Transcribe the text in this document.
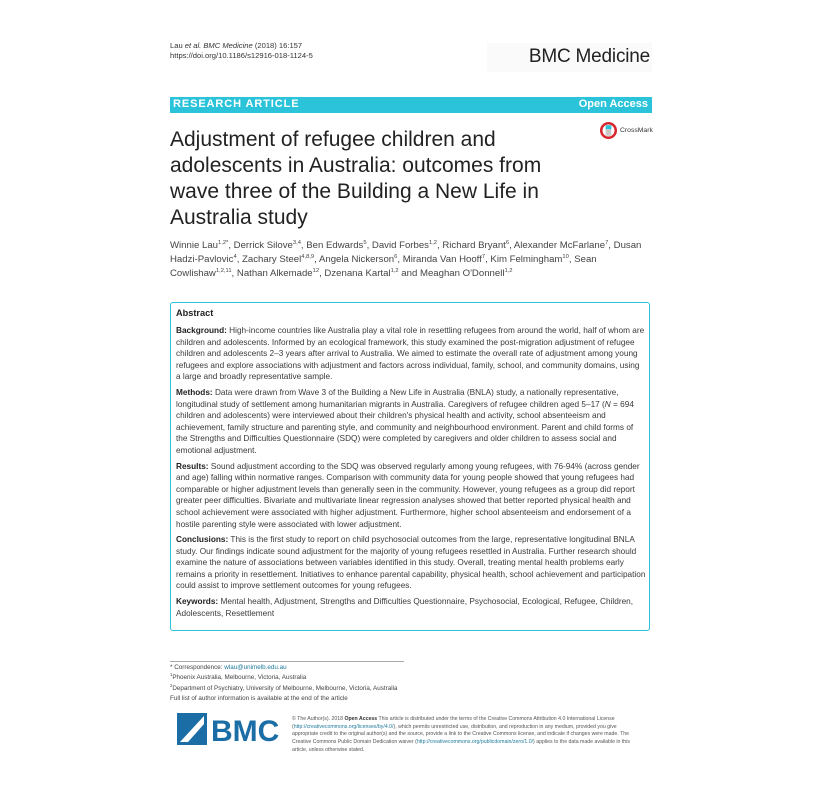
Lau et al. BMC Medicine (2018) 16:157
https://doi.org/10.1186/s12916-018-1124-5	BMC Medicine
RESEARCH ARTICLE	Open Access
Adjustment of refugee children and adolescents in Australia: outcomes from wave three of the Building a New Life in Australia study
CrossMark
Winnie Lau$^{1,2*}$, Derrick Silove$^{3,4}$, Ben Edwards$^5$, David Forbes$^{1,2}$, Richard Bryant$^6$, Alexander McFarlane$^7$, Dusan Hadzi-Pavlovic$^4$, Zachary Steel$^{4,8,9}$, Angela Nickerson$^6$, Miranda Van Hooff$^7$, Kim Felmingham$^{10}$, Sean Cowlishaw$^{1,2,11}$, Nathan Alkemade$^{12}$, Dzenana Kartal$^{1,2}$ and Meaghan O'Donnell$^{1,2}$
Abstract

Background: High-income countries like Australia play a vital role in resettling refugees from around the world, half of whom are children and adolescents. Informed by an ecological framework, this study examined the post-migration adjustment of refugee children and adolescents 2–3 years after arrival to Australia. We aimed to estimate the overall rate of adjustment among young refugees and explore associations with adjustment and factors across individual, family, school, and community domains, using a large and broadly representative sample.

Methods: Data were drawn from Wave 3 of the Building a New Life in Australia (BNLA) study, a nationally representative, longitudinal study of settlement among humanitarian migrants in Australia. Caregivers of refugee children aged 5–17 (N = 694 children and adolescents) were interviewed about their children's physical health and activity, school absenteeism and achievement, family structure and parenting style, and community and neighbourhood environment. Parent and child forms of the Strengths and Difficulties Questionnaire (SDQ) were completed by caregivers and older children to assess social and emotional adjustment.

Results: Sound adjustment according to the SDQ was observed regularly among young refugees, with 76-94% (across gender and age) falling within normative ranges. Comparison with community data for young people showed that young refugees had comparable or higher adjustment levels than generally seen in the community. However, young refugees as a group did report greater peer difficulties. Bivariate and multivariate linear regression analyses showed that better reported physical health and school achievement were associated with higher adjustment. Furthermore, higher school absenteeism and endorsement of a hostile parenting style were associated with lower adjustment.

Conclusions: This is the first study to report on child psychosocial outcomes from the large, representative longitudinal BNLA study. Our findings indicate sound adjustment for the majority of young refugees resettled in Australia. Further research should examine the nature of associations between variables identified in this study. Overall, treating mental health problems early remains a priority in resettlement. Initiatives to enhance parental capability, physical health, school achievement and participation could assist to improve settlement outcomes for young refugees.

Keywords: Mental health, Adjustment, Strengths and Difficulties Questionnaire, Psychosocial, Ecological, Refugee, Children, Adolescents, Resettlement

* Correspondence: wlau@unimelb.edu.au
$^1$Phoenix Australia, Melbourne, Victoria, Australia
$^2$Department of Psychiatry, University of Melbourne, Melbourne, Victoria, Australia
Full list of author information is available at the end of the article
BMC © The Author(s). 2018 Open Access This article is distributed under the terms of the Creative Commons Attribution 4.0 International License (http://creativecommons.org/licenses/by/4.0/), which permits unrestricted use, distribution, and reproduction in any medium, provided you give appropriate credit to the original author(s) and the source, provide a link to the Creative Commons license, and indicate if changes were made. The Creative Commons Public Domain Dedication waiver (http://creativecommons.org/publicdomain/zero/1.0/) applies to the data made available in this article, unless otherwise stated.
